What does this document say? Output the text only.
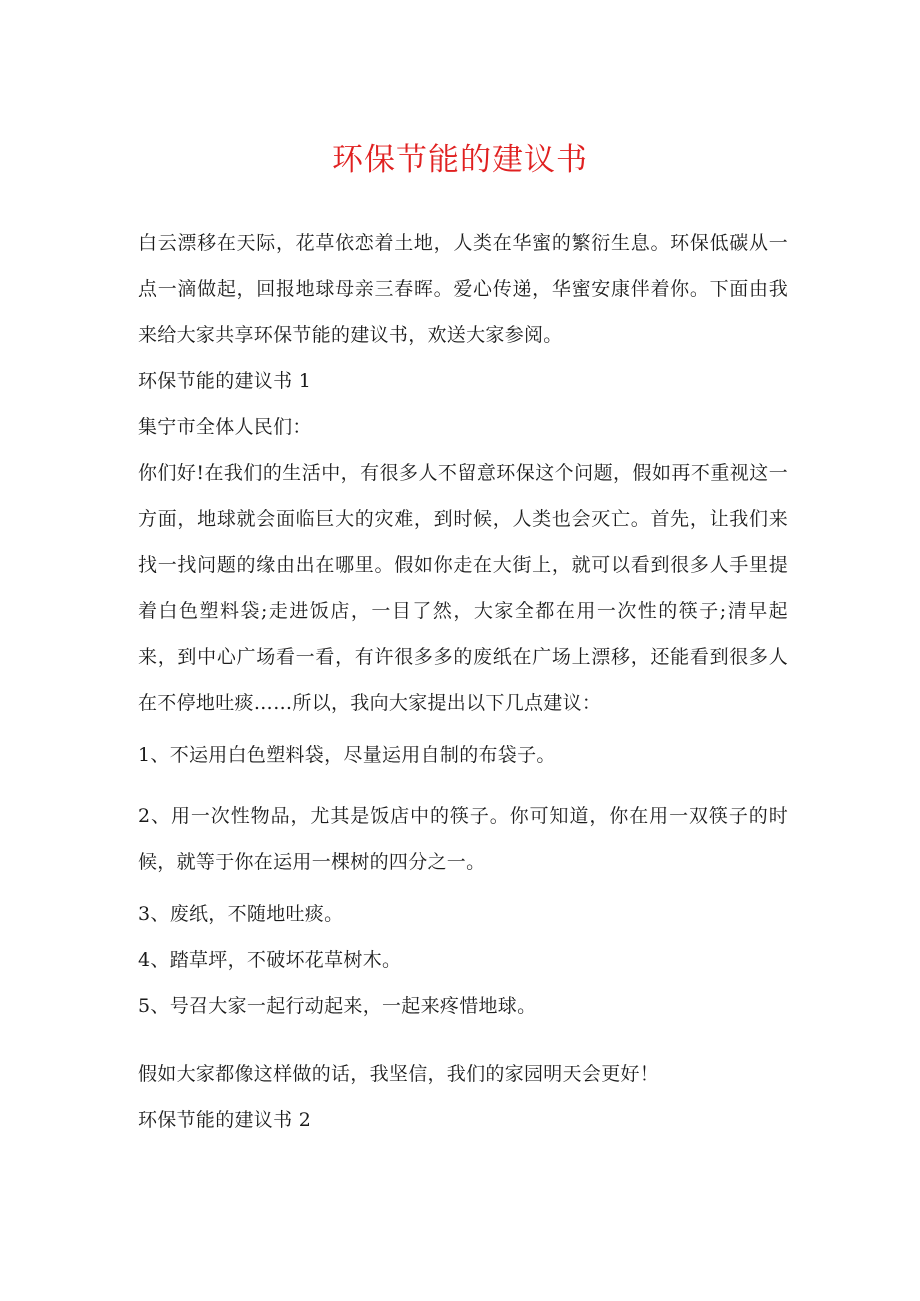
环保节能的建议书

白云漂移在天际，花草依恋着土地，人类在华蜜的繁衍生息。环保低碳从一点一滴做起，回报地球母亲三春晖。爱心传递，华蜜安康伴着你。下面由我来给大家共享环保节能的建议书，欢送大家参阅。

环保节能的建议书 1

集宁市全体人民们：

你们好!在我们的生活中，有很多人不留意环保这个问题，假如再不重视这一方面，地球就会面临巨大的灾难，到时候，人类也会灭亡。首先，让我们来找一找问题的缘由出在哪里。假如你走在大街上，就可以看到很多人手里提着白色塑料袋;走进饭店，一目了然，大家全都在用一次性的筷子;清早起来，到中心广场看一看，有许很多多的废纸在广场上漂移，还能看到很多人在不停地吐痰……所以，我向大家提出以下几点建议：

1、不运用白色塑料袋，尽量运用自制的布袋子。

2、用一次性物品，尤其是饭店中的筷子。你可知道，你在用一双筷子的时候，就等于你在运用一棵树的四分之一。

3、废纸，不随地吐痰。

4、踏草坪，不破坏花草树木。

5、号召大家一起行动起来，一起来疼惜地球。

假如大家都像这样做的话，我坚信，我们的家园明天会更好！

环保节能的建议书 2
